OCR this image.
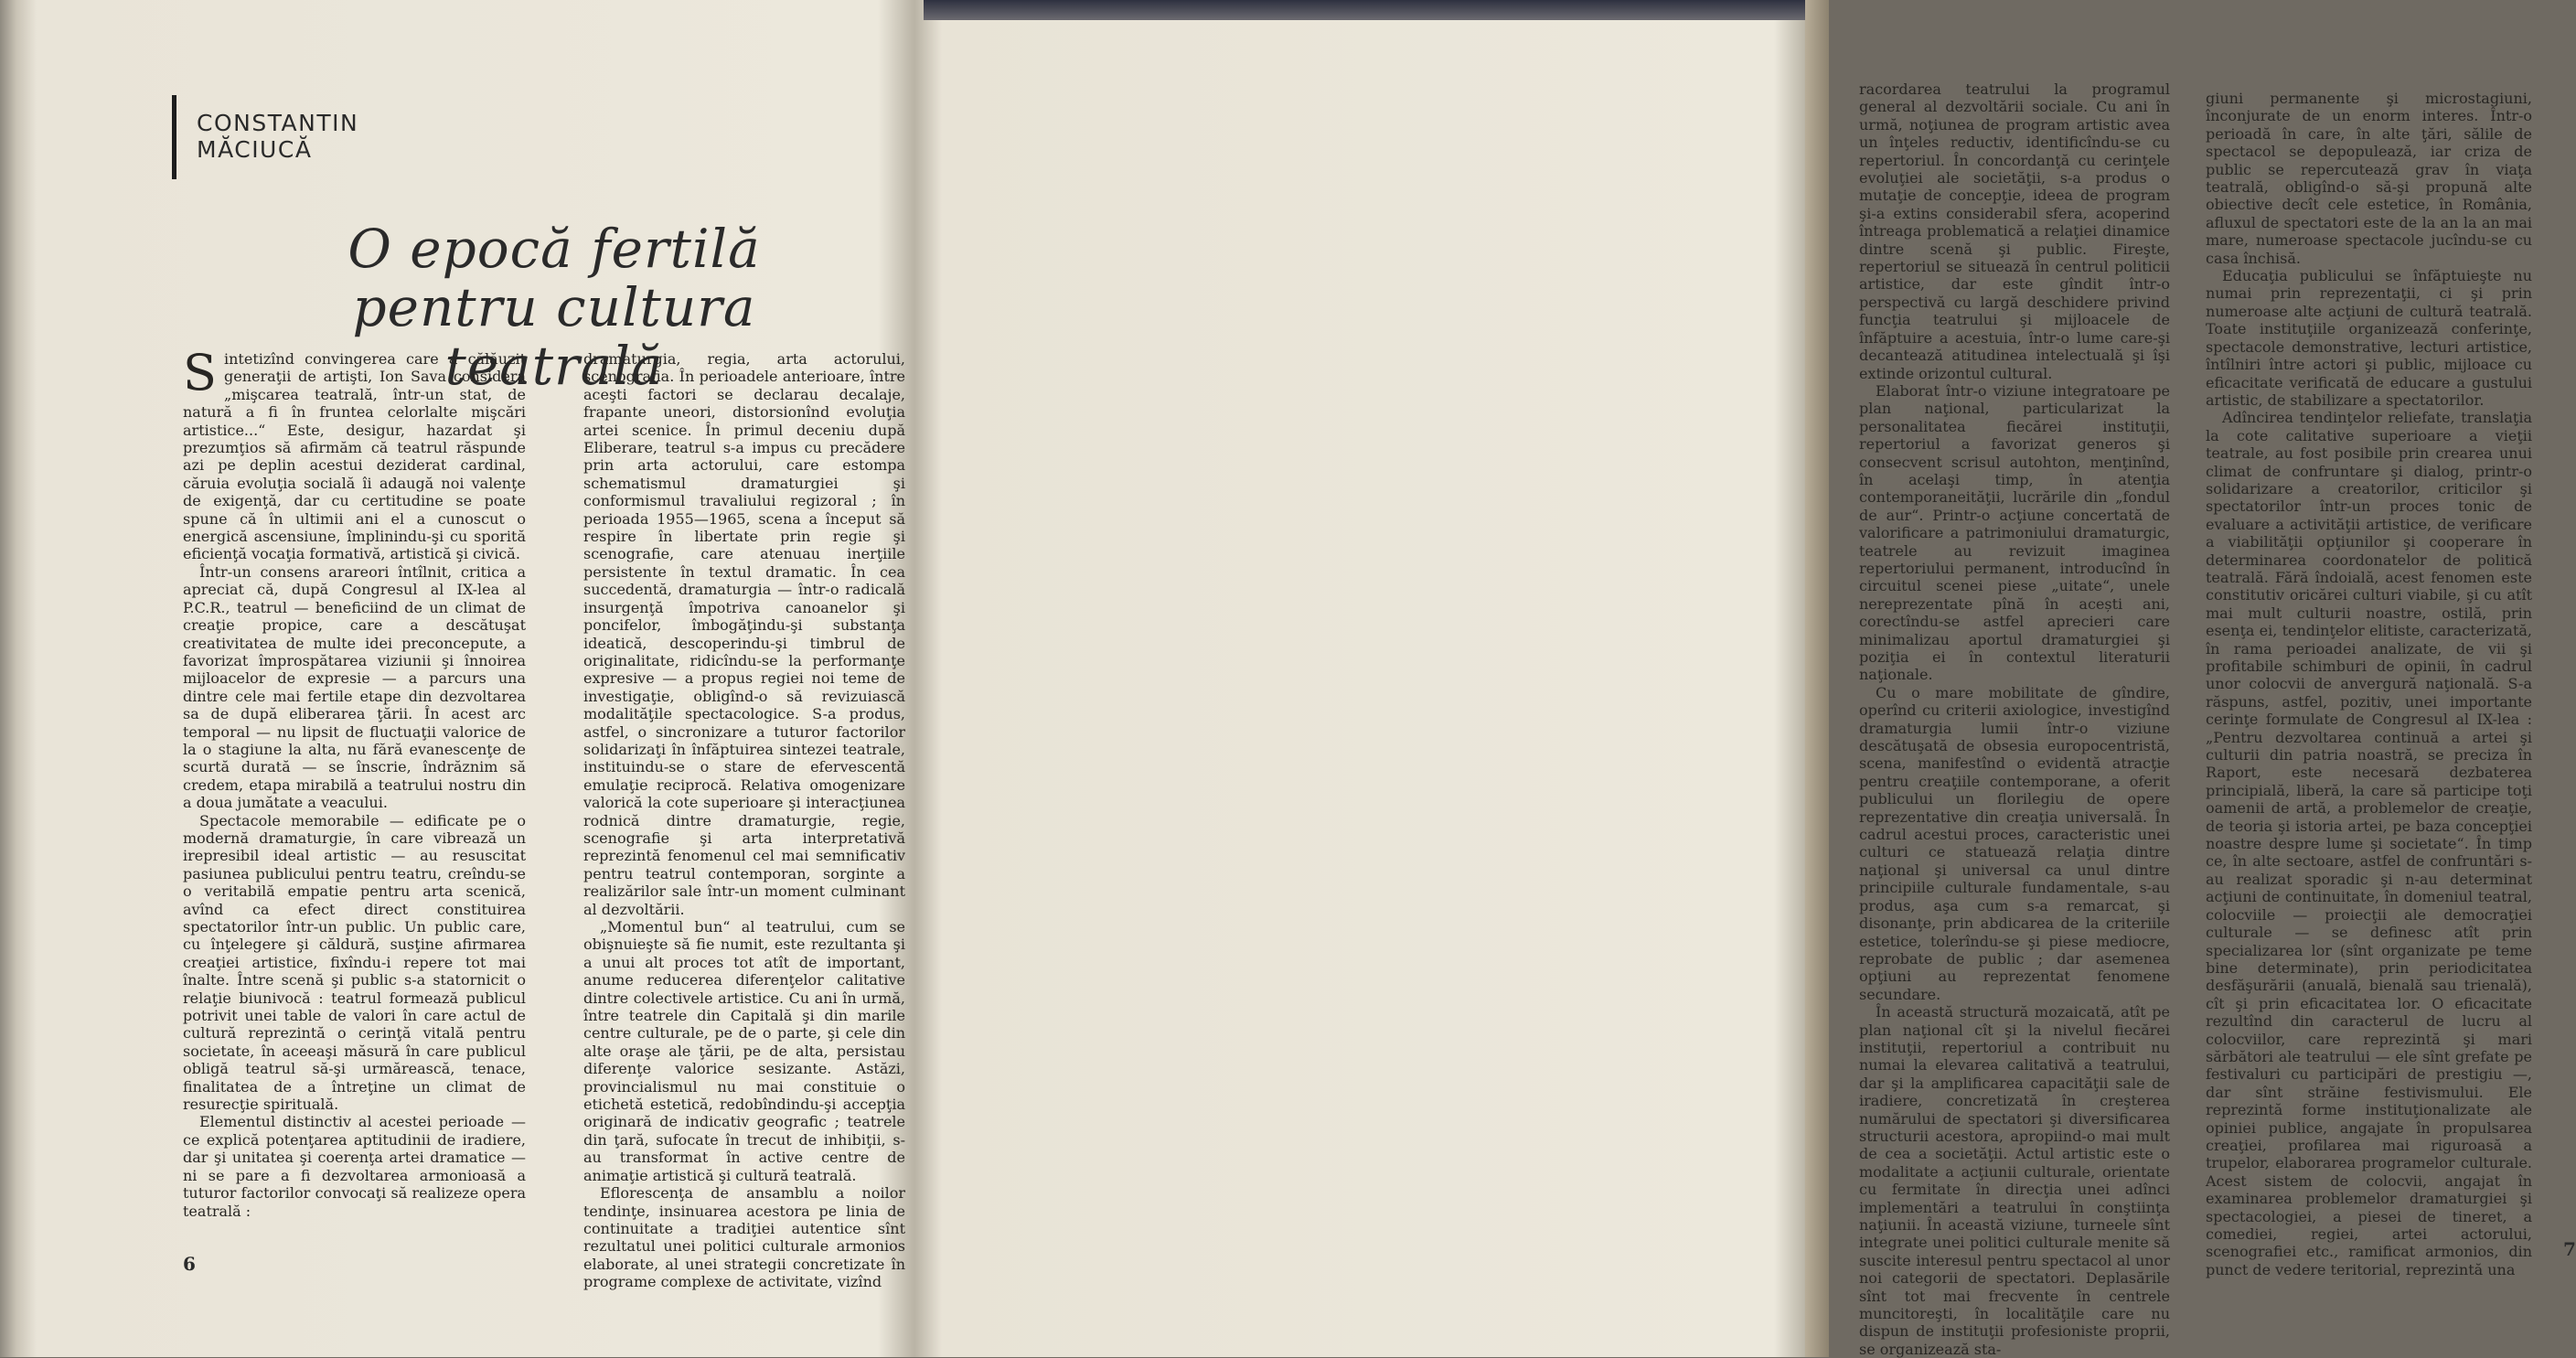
CONSTANTIN
MĂCIUCĂ
O epocă fertilă
pentru cultura teatrală

Sintetizînd convingerea care a călăuzit generaţii de artişti, Ion Sava considera „mişcarea teatrală, într-un stat, de natură a fi în fruntea celorlalte mişcări artistice...“ Este, desigur, hazardat şi prezumţios să afirmăm că teatrul răspunde azi pe deplin acestui deziderat cardinal, căruia evoluţia socială îi adaugă noi valenţe de exigenţă, dar cu certitudine se poate spune că în ultimii ani el a cunoscut o energică ascensiune, împlinindu-şi cu sporită eficienţă vocaţia formativă, artistică şi civică.

Într-un consens arareori întîlnit, critica a apreciat că, după Congresul al IX-lea al P.C.R., teatrul — beneficiind de un climat de creaţie propice, care a descătuşat creativitatea de multe idei preconcepute, a favorizat împrospătarea viziunii şi înnoirea mijloacelor de expresie — a parcurs una dintre cele mai fertile etape din dezvoltarea sa de după eliberarea ţării. În acest arc temporal — nu lipsit de fluctuaţii valorice de la o stagiune la alta, nu fără evanescenţe de scurtă durată — se înscrie, îndrăznim să credem, etapa mirabilă a teatrului nostru din a doua jumătate a veacului.

Spectacole memorabile — edificate pe o modernă dramaturgie, în care vibrează un irepresibil ideal artistic — au resuscitat pasiunea publicului pentru teatru, creîndu-se o veritabilă empatie pentru arta scenică, avînd ca efect direct constituirea spectatorilor într-un public. Un public care, cu înţelegere şi căldură, susţine afirmarea creaţiei artistice, fixîndu-i repere tot mai înalte. Între scenă şi public s-a statornicit o relaţie biunivocă : teatrul formează publicul potrivit unei table de valori în care actul de cultură reprezintă o cerinţă vitală pentru societate, în aceeaşi măsură în care publicul obligă teatrul să-şi urmărească, tenace, finalitatea de a întreţine un climat de resurecţie spirituală.

Elementul distinctiv al acestei perioade — ce explică potenţarea aptitudinii de iradiere, dar şi unitatea şi coerenţa artei dramatice — ni se pare a fi dezvoltarea armonioasă a tuturor factorilor convocaţi să realizeze opera teatrală :

dramaturgia, regia, arta actorului, scenografia. În perioadele anterioare, între aceşti factori se declarau decalaje, frapante uneori, distorsionînd evoluţia artei scenice. În primul deceniu după Eliberare, teatrul s-a impus cu precădere prin arta actorului, care estompa schematismul dramaturgiei şi conformismul travaliului regizoral ; în perioada 1955—1965, scena a început să respire în libertate prin regie şi scenografie, care atenuau inerţiile persistente în textul dramatic. În cea succedentă, dramaturgia — într-o radicală insurgenţă împotriva canoanelor şi poncifelor, îmbogăţindu-şi substanţa ideatică, descoperindu-şi timbrul de originalitate, ridicîndu-se la performanţe expresive — a propus regiei noi teme de investigaţie, obligînd-o să revizuiască modalităţile spectacologice. S-a produs, astfel, o sincronizare a tuturor factorilor solidarizaţi în înfăptuirea sintezei teatrale, instituindu-se o stare de efervescentă emulaţie reciprocă. Relativa omogenizare valorică la cote superioare şi interacţiunea rodnică dintre dramaturgie, regie, scenografie şi arta interpretativă reprezintă fenomenul cel mai semnificativ pentru teatrul contemporan, sorginte a realizărilor sale într-un moment culminant al dezvoltării.

„Momentul bun“ al teatrului, cum se obişnuieşte să fie numit, este rezultanta şi a unui alt proces tot atît de important, anume reducerea diferenţelor calitative dintre colectivele artistice. Cu ani în urmă, între teatrele din Capitală şi din marile centre culturale, pe de o parte, şi cele din alte oraşe ale ţării, pe de alta, persistau diferenţe valorice sesizante. Astăzi, provincialismul nu mai constituie o etichetă estetică, redobîndindu-şi accepţia originară de indicativ geografic ; teatrele din ţară, sufocate în trecut de inhibiţii, s-au transformat în active centre de animaţie artistică şi cultură teatrală.

Eflorescenţa de ansamblu a noilor tendinţe, insinuarea acestora pe linia de continuitate a tradiţiei autentice sînt rezultatul unei politici culturale armonios elaborate, al unei strategii concretizate în programe complexe de activitate, vizînd

6

racordarea teatrului la programul general al dezvoltării sociale. Cu ani în urmă, noţiunea de program artistic avea un înţeles reductiv, identificîndu-se cu repertoriul. În concordanţă cu cerinţele evoluţiei ale societăţii, s-a produs o mutaţie de concepţie, ideea de program şi-a extins considerabil sfera, acoperind întreaga problematică a relaţiei dinamice dintre scenă şi public. Fireşte, repertoriul se situează în centrul politicii artistice, dar este gîndit într-o perspectivă cu largă deschidere privind funcţia teatrului şi mijloacele de înfăptuire a acestuia, într-o lume care-şi decantează atitudinea intelectuală şi îşi extinde orizontul cultural.

Elaborat într-o viziune integratoare pe plan naţional, particularizat la personalitatea fiecărei instituţii, repertoriul a favorizat generos şi consecvent scrisul autohton, menţinînd, în acelaşi timp, în atenţia contemporaneităţii, lucrările din „fondul de aur“. Printr-o acţiune concertată de valorificare a patrimoniului dramaturgic, teatrele au revizuit imaginea repertoriului permanent, introducînd în circuitul scenei piese „uitate“, unele nereprezentate pînă în acești ani, corectîndu-se astfel aprecieri care minimalizau aportul dramaturgiei şi poziţia ei în contextul literaturii naţionale.

Cu o mare mobilitate de gîndire, operînd cu criterii axiologice, investigînd dramaturgia lumii într-o viziune descătuşată de obsesia europocentristă, scena, manifestînd o evidentă atracţie pentru creaţiile contemporane, a oferit publicului un florilegiu de opere reprezentative din creaţia universală. În cadrul acestui proces, caracteristic unei culturi ce statuează relaţia dintre naţional şi universal ca unul dintre principiile culturale fundamentale, s-au produs, aşa cum s-a remarcat, şi disonanţe, prin abdicarea de la criteriile estetice, tolerîndu-se şi piese mediocre, reprobate de public ; dar asemenea opţiuni au reprezentat fenomene secundare.

În această structură mozaicată, atît pe plan naţional cît şi la nivelul fiecărei instituţii, repertoriul a contribuit nu numai la elevarea calitativă a teatrului, dar şi la amplificarea capacităţii sale de iradiere, concretizată în creşterea numărului de spectatori şi diversificarea structurii acestora, apropiind-o mai mult de cea a societăţii. Actul artistic este o modalitate a acţiunii culturale, orientate cu fermitate în direcţia unei adînci implementări a teatrului în conştiinţa naţiunii. În această viziune, turneele sînt integrate unei politici culturale menite să suscite interesul pentru spectacol al unor noi categorii de spectatori. Deplasările sînt tot mai frecvente în centrele muncitoreşti, în localităţile care nu dispun de instituţii profesioniste proprii, se organizează sta-

giuni permanente şi microstagiuni, înconjurate de un enorm interes. Într-o perioadă în care, în alte ţări, sălile de spectacol se depopulează, iar criza de public se repercutează grav în viaţa teatrală, obligînd-o să-şi propună alte obiective decît cele estetice, în România, afluxul de spectatori este de la an la an mai mare, numeroase spectacole jucîndu-se cu casa închisă.

Educaţia publicului se înfăptuieşte nu numai prin reprezentaţii, ci şi prin numeroase alte acţiuni de cultură teatrală. Toate instituţiile organizează conferinţe, spectacole demonstrative, lecturi artistice, întîlniri între actori şi public, mijloace cu eficacitate verificată de educare a gustului artistic, de stabilizare a spectatorilor.

Adîncirea tendinţelor reliefate, translaţia la cote calitative superioare a vieţii teatrale, au fost posibile prin crearea unui climat de confruntare şi dialog, printr-o solidarizare a creatorilor, criticilor şi spectatorilor într-un proces tonic de evaluare a activităţii artistice, de verificare a viabilităţii opţiunilor şi cooperare în determinarea coordonatelor de politică teatrală. Fără îndoială, acest fenomen este constitutiv oricărei culturi viabile, şi cu atît mai mult culturii noastre, ostilă, prin esenţa ei, tendinţelor elitiste, caracterizată, în rama perioadei analizate, de vii şi profitabile schimburi de opinii, în cadrul unor colocvii de anvergură naţională. S-a răspuns, astfel, pozitiv, unei importante cerinţe formulate de Congresul al IX-lea : „Pentru dezvoltarea continuă a artei şi culturii din patria noastră, se preciza în Raport, este necesară dezbaterea principială, liberă, la care să participe toţi oamenii de artă, a problemelor de creaţie, de teoria şi istoria artei, pe baza concepţiei noastre despre lume şi societate“. În timp ce, în alte sectoare, astfel de confruntări s-au realizat sporadic şi n-au determinat acţiuni de continuitate, în domeniul teatral, colocviile — proiecţii ale democraţiei culturale — se definesc atît prin specializarea lor (sînt organizate pe teme bine determinate), prin periodicitatea desfăşurării (anuală, bienală sau trienală), cît şi prin eficacitatea lor. O eficacitate rezultînd din caracterul de lucru al colocviilor, care reprezintă şi mari sărbători ale teatrului — ele sînt grefate pe festivaluri cu participări de prestigiu —, dar sînt străine festivismului. Ele reprezintă forme instituţionalizate ale opiniei publice, angajate în propulsarea creaţiei, profilarea mai riguroasă a trupelor, elaborarea programelor culturale. Acest sistem de colocvii, angajat în examinarea problemelor dramaturgiei şi spectacologiei, a piesei de tineret, a comediei, regiei, artei actorului, scenografiei etc., ramificat armonios, din punct de vedere teritorial, reprezintă una

7
